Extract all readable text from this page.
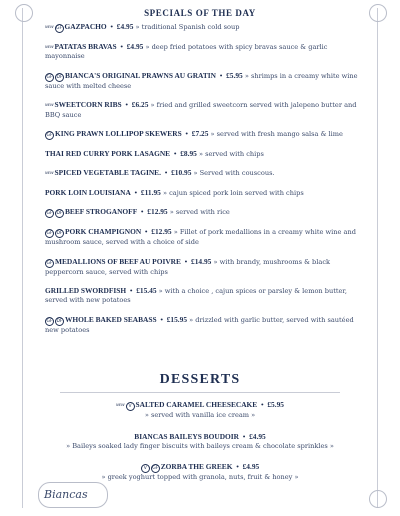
SPECIALS OF THE DAY
NEW GF GAZPACHO • £4.95 » traditional Spanish cold soup
NEWPATATAS BRAVAS • £4.95 » deep fried potatoes with spicy bravas sauce & garlic mayonnaise
GF DF BIANCA'S ORIGINAL PRAWNS AU GRATIN • £5.95 » shrimps in a creamy white wine sauce with melted cheese
NEWSWEETCORN RIBS • £6.25 » fried and grilled sweetcorn served with jalepeno butter and BBQ sauce
GF KING PRAWN LOLLIPOP SKEWERS • £7.25 » served with fresh mango salsa & lime
THAI RED CURRY PORK LASAGNE • £8.95 » served with chips
NEWSPICED VEGETABLE TAGINE. • £10.95 » Served with couscous.
PORK LOIN LOUISIANA • £11.95 » cajun spiced pork loin served with chips
GF DF BEEF STROGANOFF • £12.95 » served with rice
GF DF PORK CHAMPIGNON • £12.95 » Fillet of pork medallions in a creamy white wine and mushroom sauce, served with a choice of side
GF MEDALLIONS OF BEEF AU POIVRE • £14.95 » with brandy, mushrooms & black peppercorn sauce, served with chips
GRILLED SWORDFISH • £15.45 » with a choice , cajun spices or parsley & lemon butter, served with new potatoes
GF DF WHOLE BAKED SEABASS • £15.95 » drizzled with garlic butter, served with sautéed new potatoes
DESSERTS
NEW V SALTED CARAMEL CHEESECAKE • £5.95
» served with vanilla ice cream »
BIANCAS BAILEYS BOUDOIR • £4.95
» Baileys soaked lady finger biscuits with baileys cream & chocolate sprinkles »
V GF ZORBA THE GREEK • £4.95
» greek yoghurt topped with granola, nuts, fruit & honey »
Biancas
